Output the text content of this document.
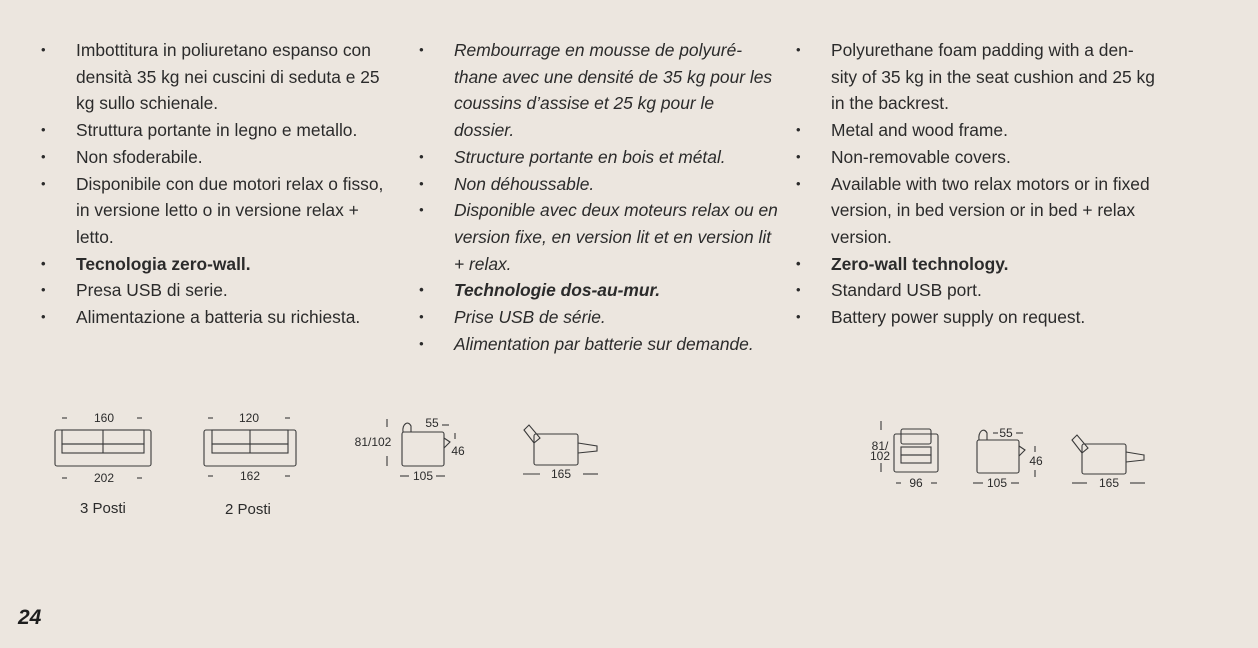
• Imbottitura in poliuretano espanso con densità 35 kg nei cuscini di seduta e 25 kg sullo schienale.
• Struttura portante in legno e metallo.
• Non sfoderabile.
• Disponibile con due motori relax o fisso, in versione letto o in versione relax + letto.
• Tecnologia zero-wall.
• Presa USB di serie.
• Alimentazione a batteria su richiesta.
• Rembourrage en mousse de polyuré-thane avec une densité de 35 kg pour les coussins d’assise et 25 kg pour le dossier.
• Structure portante en bois et métal.
• Non déhoussable.
• Disponible avec deux moteurs relax ou en version fixe, en version lit et en version lit + relax.
• Technologie dos-au-mur.
• Prise USB de série.
• Alimentation par batterie sur demande.
• Polyurethane foam padding with a den-sity of 35 kg in the seat cushion and 25 kg in the backrest.
• Metal and wood frame.
• Non-removable covers.
• Available with two relax motors or in fixed version, in bed version or in bed + relax version.
• Zero-wall technology.
• Standard USB port.
• Battery power supply on request.
160
202
120
162
81/102
55
46
105	165
81/
102
96
55
46
105	165
3 Posti	2 Posti
24
